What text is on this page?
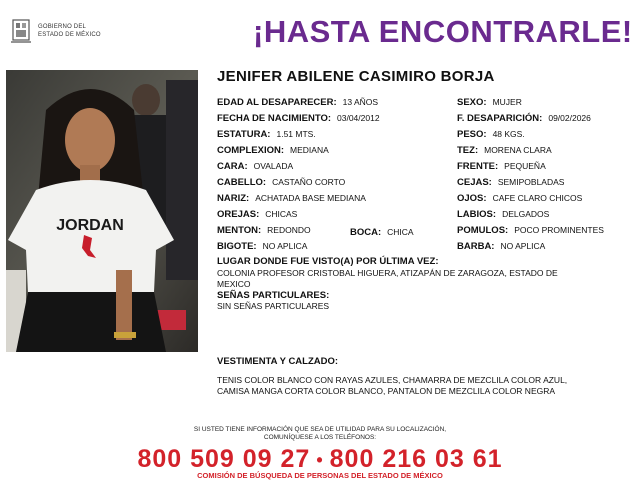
GOBIERNO DEL
ESTADO DE MÉXICO	¡HASTA ENCONTRARLE!
JORDAN
JENIFER ABILENE CASIMIRO BORJA
EDAD AL DESAPARECER: 13 AÑOS
FECHA DE NACIMIENTO: 03/04/2012
ESTATURA: 1.51 MTS.
COMPLEXION: MEDIANA
CARA: OVALADA
CABELLO: CASTAÑO CORTO
NARIZ: ACHATADA BASE MEDIANA
OREJAS: CHICAS
MENTON: REDONDO
BIGOTE: NO APLICA
BOCA: CHICA
SEXO: MUJER
F. DESAPARICIÓN: 09/02/2026
PESO: 48 KGS.
TEZ: MORENA CLARA
FRENTE: PEQUEÑA
CEJAS: SEMIPOBLADAS
OJOS: CAFE CLARO CHICOS
LABIOS: DELGADOS
POMULOS: POCO PROMINENTES
BARBA: NO APLICA
LUGAR DONDE FUE VISTO(A) POR ÚLTIMA VEZ:
COLONIA PROFESOR CRISTOBAL HIGUERA, ATIZAPÁN DE ZARAGOZA, ESTADO DE
MEXICO
SEÑAS PARTICULARES:
SIN SEÑAS PARTICULARES
VESTIMENTA Y CALZADO:
TENIS COLOR BLANCO CON RAYAS AZULES, CHAMARRA DE MEZCLILA COLOR AZUL,
CAMISA MANGA CORTA COLOR BLANCO, PANTALON DE MEZCLILA COLOR NEGRA
SI USTED TIENE INFORMACIÓN QUE SEA DE UTILIDAD PARA SU LOCALIZACIÓN,
COMUNÍQUESE A LOS TELÉFONOS:
800 509 09 27 • 800 216 03 61
COMISIÓN DE BÚSQUEDA DE PERSONAS DEL ESTADO DE MÉXICO
